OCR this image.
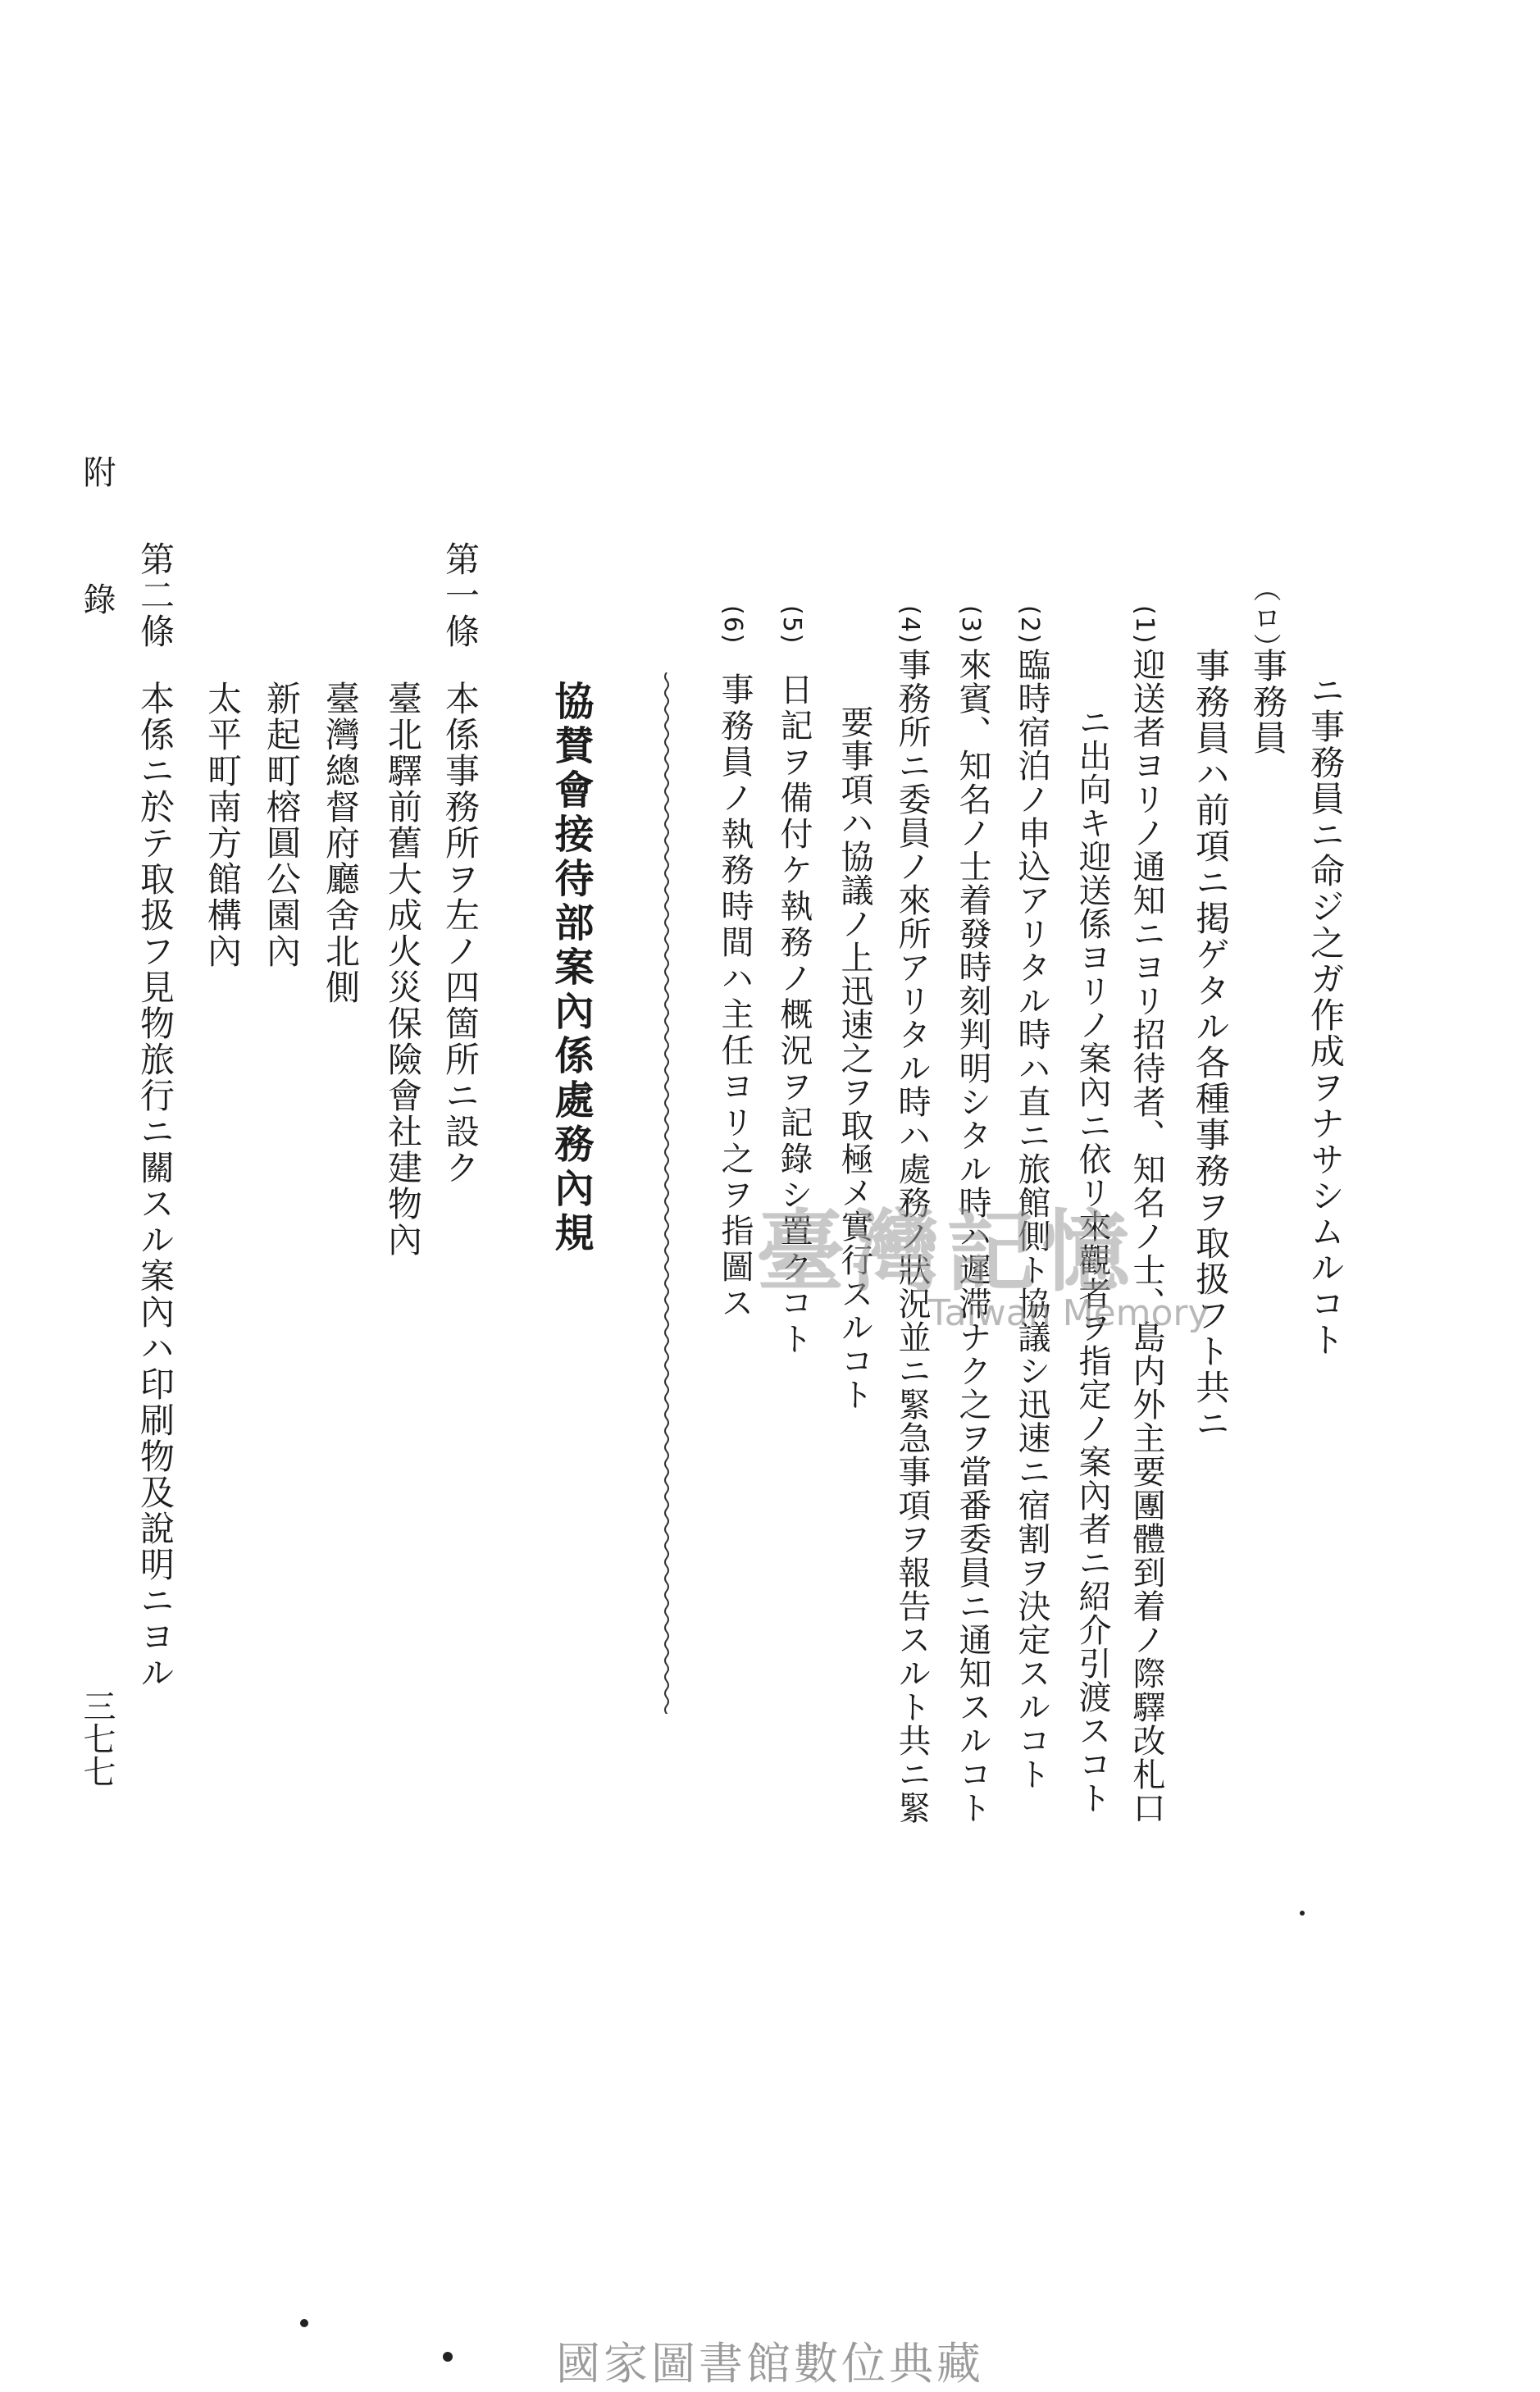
ニ事務員ニ命ジ之ガ作成ヲナサシムルコト
（ロ）
事務員
事務員ハ前項ニ掲ゲタル各種事務ヲ取扱フト共ニ
(1)
迎送者ヨリノ通知ニヨリ招待者、知名ノ士、島内外主要團體到着ノ際驛改札口
ニ出向キ迎送係ヨリノ案內ニ依リ來觀者ヲ指定ノ案內者ニ紹介引渡スコト
(2)
臨時宿泊ノ申込アリタル時ハ直ニ旅館側ト協議シ迅速ニ宿割ヲ決定スルコト
(3)
來賓、知名ノ士着發時刻判明シタル時ハ遲滞ナク之ヲ當番委員ニ通知スルコト
(4)
事務所ニ委員ノ來所アリタル時ハ處務ノ狀況並ニ緊急事項ヲ報告スルト共ニ緊
要事項ハ協議ノ上迅速之ヲ取極メ實行スルコト
(5)
日記ヲ備付ケ執務ノ概況ヲ記錄シ置クコト
(6)
事務員ノ執務時間ハ主任ヨリ之ヲ指圖ス
協賛會接待部案內係處務內規
第一條
本係事務所ヲ左ノ四箇所ニ設ク
臺北驛前舊大成火災保險會社建物內
臺灣總督府廳舍北側
新起町榕圓公園內
太平町南方館構內
第二條
本係ニ於テ取扱フ見物旅行ニ關スル案內ハ印刷物及說明ニヨル
附
錄
三七七
臺灣記憶
Taiwan Memory
國家圖書館數位典藏
